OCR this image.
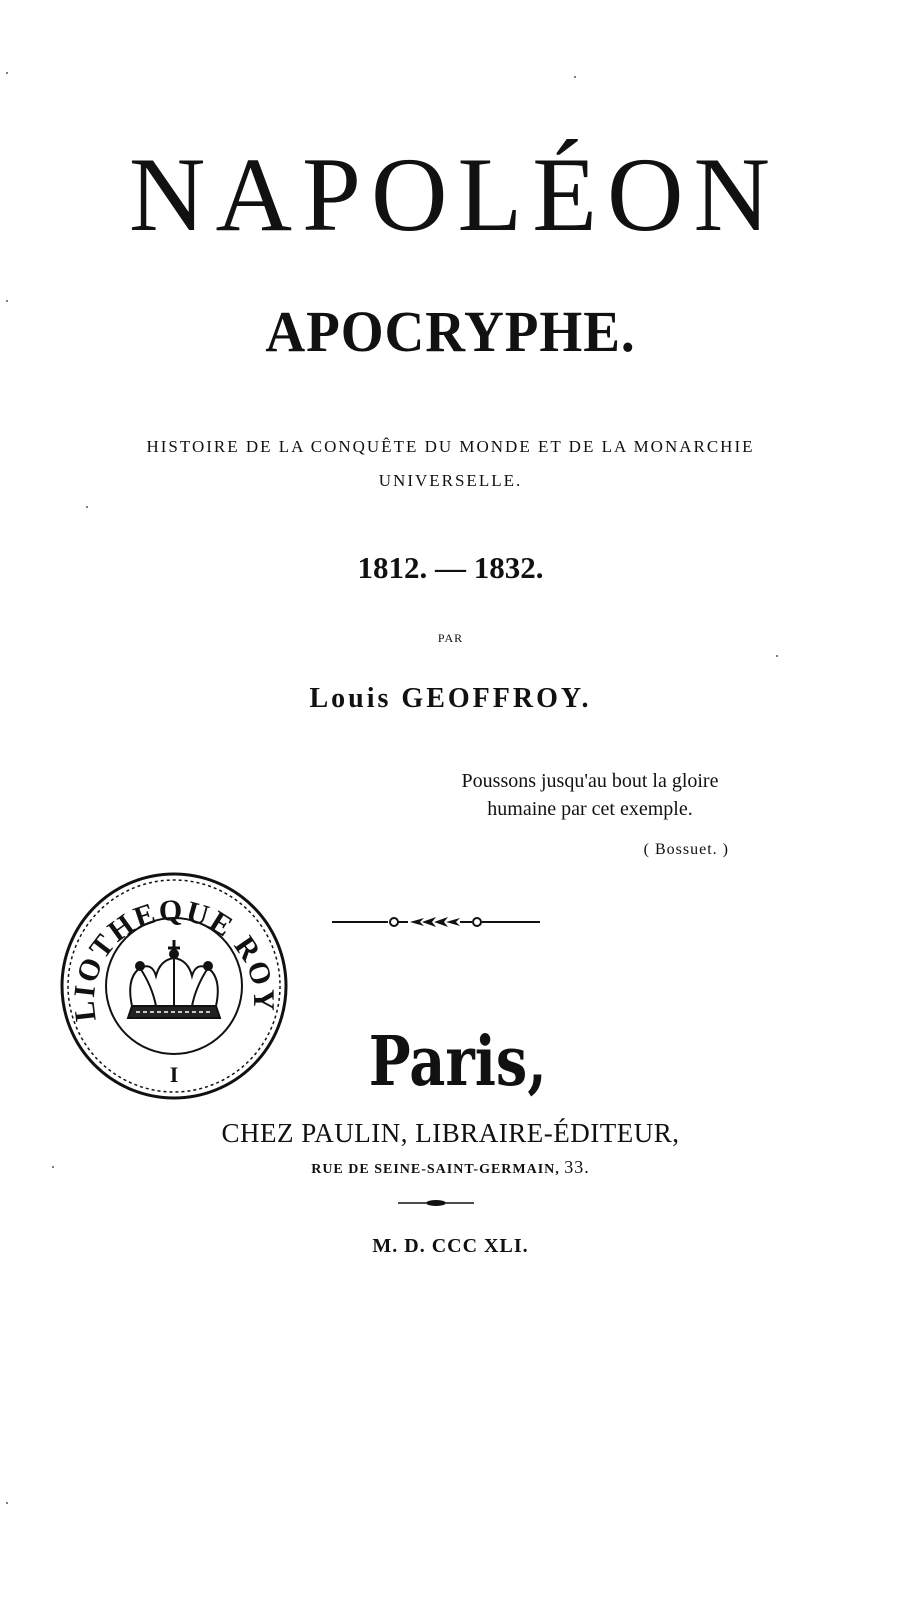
NAPOLÉON
APOCRYPHE.
HISTOIRE DE LA CONQUÊTE DU MONDE ET DE LA MONARCHIE
UNIVERSELLE.
1812. — 1832.
PAR
Louis GEOFFROY.
Poussons jusqu'au bout la gloire
humaine par cet exemple.
( Bossuet. )
LIOTHEQUE ROY
I	Paris,
CHEZ PAULIN, LIBRAIRE-ÉDITEUR,
RUE DE SEINE-SAINT-GERMAIN, 33.
M. D. CCC XLI.
